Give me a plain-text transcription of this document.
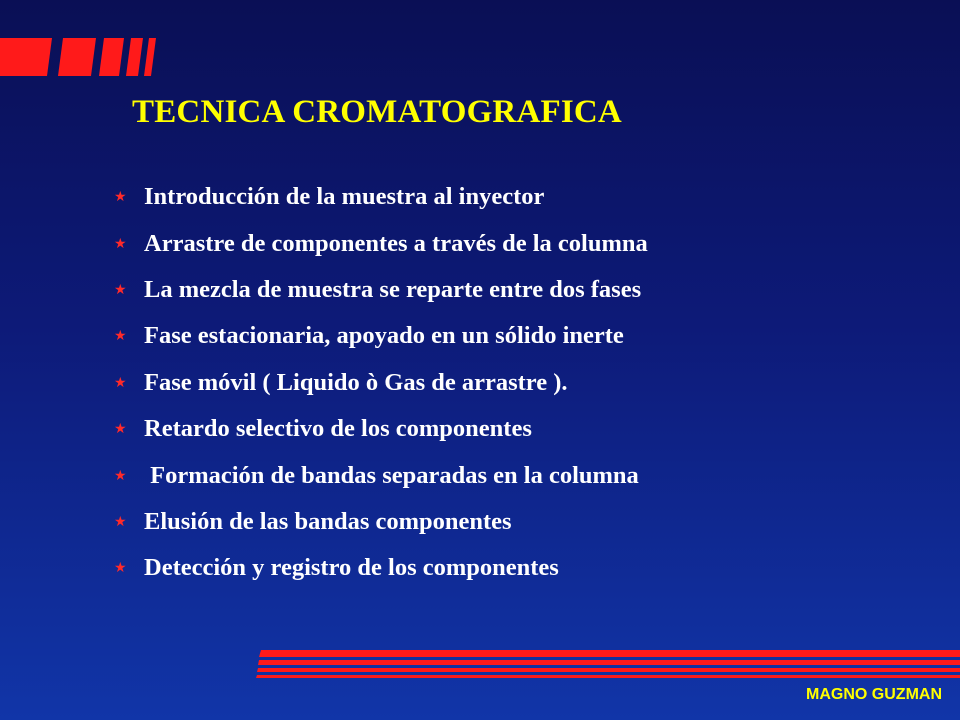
TECNICA CROMATOGRAFICA
★ Introducción de la muestra al inyector
★ Arrastre de componentes a través de la columna
★ La mezcla de muestra se reparte entre dos fases
★ Fase estacionaria, apoyado en un sólido inerte
★ Fase móvil ( Liquido ò Gas de arrastre ).
★ Retardo selectivo de los componentes
★ Formación de bandas separadas en la columna
★ Elusión de las bandas componentes
★ Detección y registro de los componentes
MAGNO GUZMAN
